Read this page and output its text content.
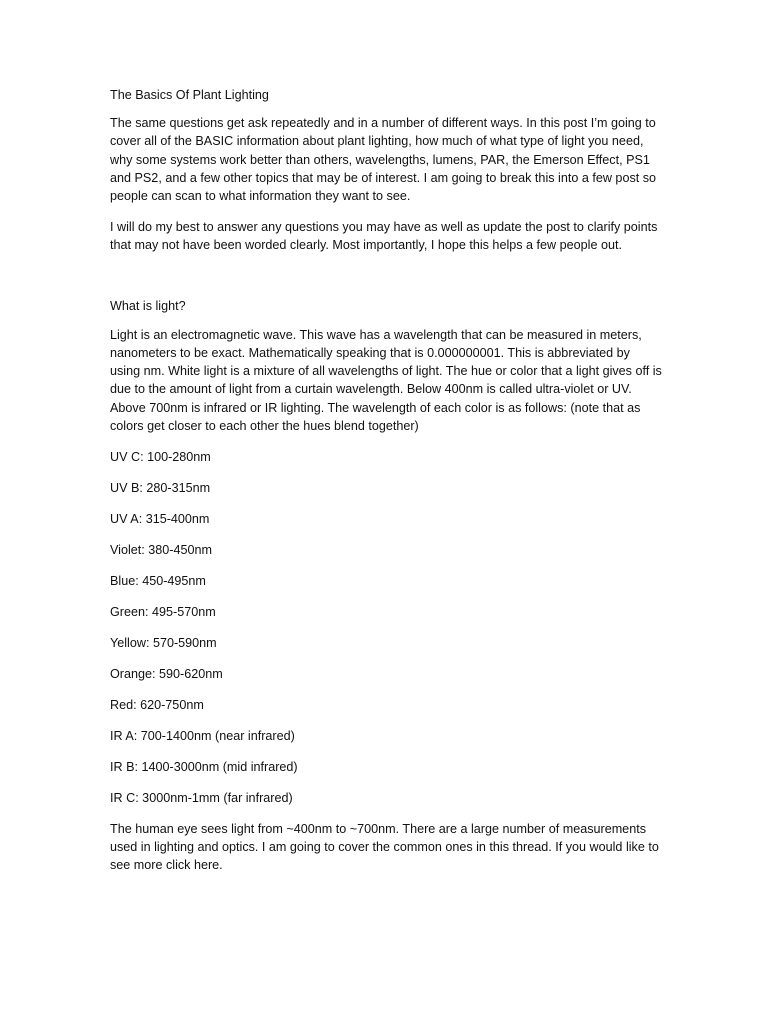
The Basics Of Plant Lighting

The same questions get ask repeatedly and in a number of different ways. In this post I’m going to cover all of the BASIC information about plant lighting, how much of what type of light you need, why some systems work better than others, wavelengths, lumens, PAR, the Emerson Effect, PS1 and PS2, and a few other topics that may be of interest. I am going to break this into a few post so people can scan to what information they want to see.

I will do my best to answer any questions you may have as well as update the post to clarify points that may not have been worded clearly. Most importantly, I hope this helps a few people out.

What is light?

Light is an electromagnetic wave. This wave has a wavelength that can be measured in meters, nanometers to be exact. Mathematically speaking that is 0.000000001. This is abbreviated by using nm. White light is a mixture of all wavelengths of light. The hue or color that a light gives off is due to the amount of light from a curtain wavelength. Below 400nm is called ultra-violet or UV. Above 700nm is infrared or IR lighting. The wavelength of each color is as follows: (note that as colors get closer to each other the hues blend together)

UV C: 100-280nm
UV B: 280-315nm
UV A: 315-400nm
Violet: 380-450nm
Blue: 450-495nm
Green: 495-570nm
Yellow: 570-590nm
Orange: 590-620nm
Red: 620-750nm
IR A: 700-1400nm (near infrared)
IR B: 1400-3000nm (mid infrared)
IR C: 3000nm-1mm (far infrared)

The human eye sees light from ~400nm to ~700nm. There are a large number of measurements used in lighting and optics. I am going to cover the common ones in this thread. If you would like to see more click here.
